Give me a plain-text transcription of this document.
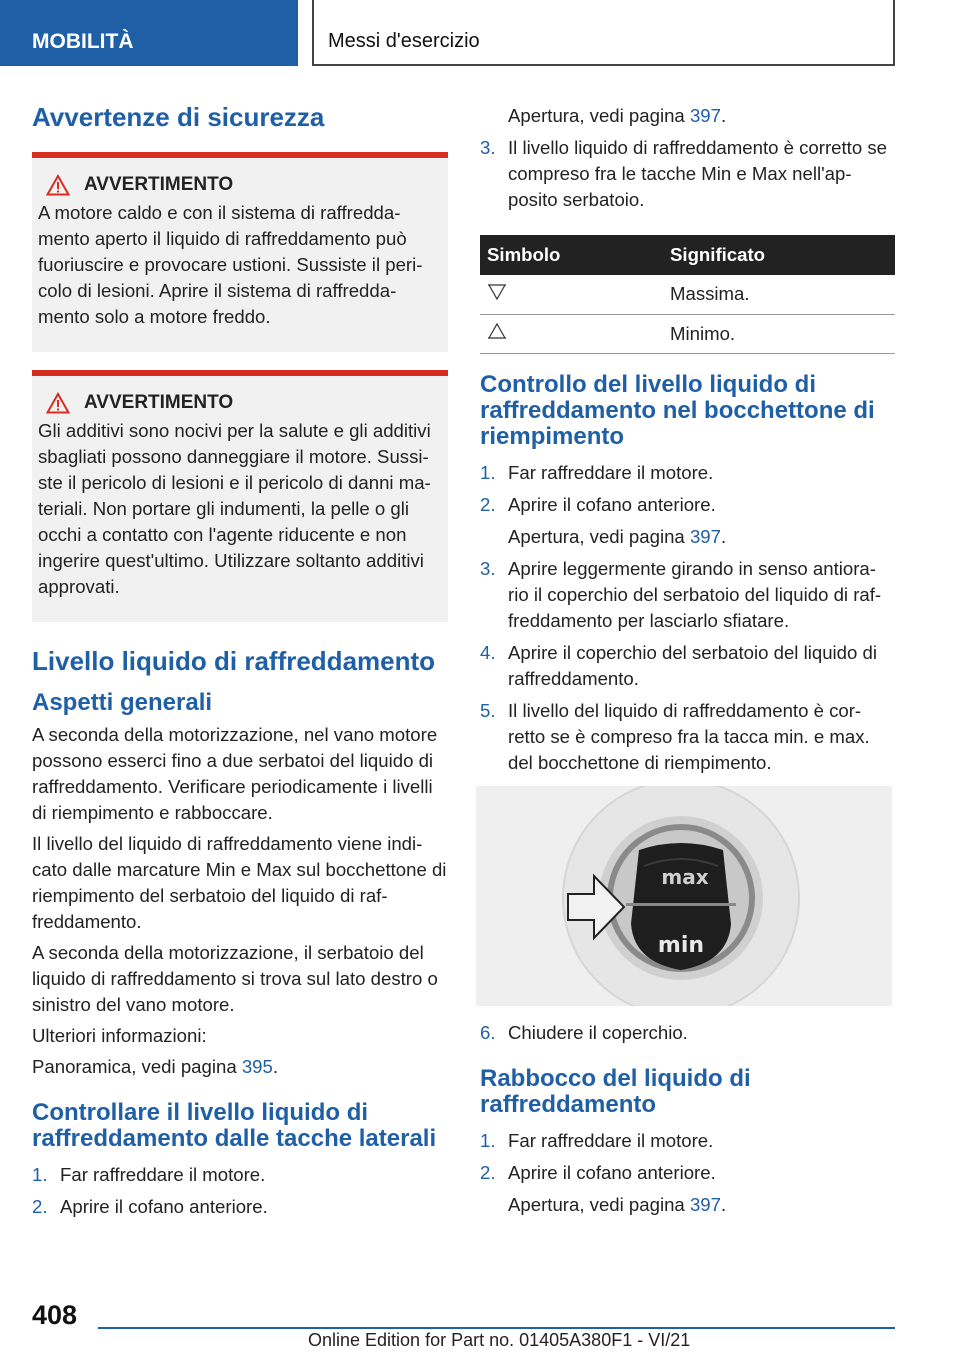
MOBILITÀ	Messi d'esercizio
Avvertenze di sicurezza
AVVERTIMENTO

A motore caldo e con il sistema di raffredda-mento aperto il liquido di raffreddamento può fuoriuscire e provocare ustioni. Sussiste il peri-colo di lesioni. Aprire il sistema di raffredda-mento solo a motore freddo.

AVVERTIMENTO

Gli additivi sono nocivi per la salute e gli additivi sbagliati possono danneggiare il motore. Sussi-ste il pericolo di lesioni e il pericolo di danni ma-teriali. Non portare gli indumenti, la pelle o gli occhi a contatto con l'agente riducente e non ingerire quest'ultimo. Utilizzare soltanto additivi approvati.

Livello liquido di raffreddamento
Aspetti generali

A seconda della motorizzazione, nel vano motore possono esserci fino a due serbatoi del liquido di raffreddamento. Verificare periodicamente i livelli di riempimento e rabboccare.

Il livello del liquido di raffreddamento viene indi-cato dalle marcature Min e Max sul bocchettone di riempimento del serbatoio del liquido di raf-freddamento.

A seconda della motorizzazione, il serbatoio del liquido di raffreddamento si trova sul lato destro o sinistro del vano motore.

Ulteriori informazioni:

Panoramica, vedi pagina 395.

Controllare il livello liquido di raffreddamento dalle tacche laterali
1. Far raffreddare il motore.
2. Aprire il cofano anteriore.

Apertura, vedi pagina 397.

3. Il livello liquido di raffreddamento è corretto se compreso fra le tacche Min e Max nell'ap-posito serbatoio.
Simbolo	Significato
	Massima.
	Minimo.
Controllo del livello liquido di raffreddamento nel bocchettone di riempimento
1. Far raffreddare il motore.
2. Aprire il cofano anteriore.

Apertura, vedi pagina 397.

3. Aprire leggermente girando in senso antiora-rio il coperchio del serbatoio del liquido di raf-freddamento per lasciarlo sfiatare.
4. Aprire il coperchio del serbatoio del liquido di raffreddamento.
5. Il livello del liquido di raffreddamento è cor-retto se è compreso fra la tacca min. e max. del bocchettone di riempimento.
max
min
6. Chiudere il coperchio.
Rabbocco del liquido di raffreddamento
1. Far raffreddare il motore.
2. Aprire il cofano anteriore.

Apertura, vedi pagina 397.

408
Online Edition for Part no. 01405A380F1 - VI/21
